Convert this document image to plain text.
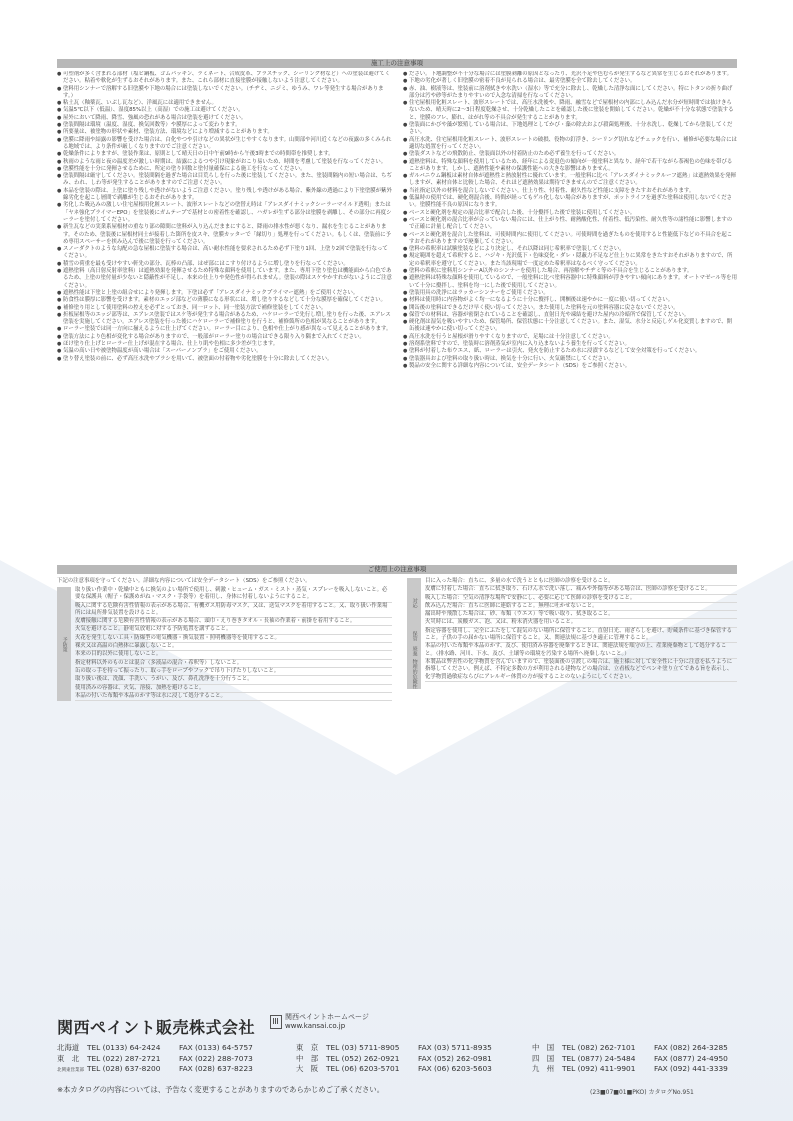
施工上の注意事項

● 可塑剤が多く含まれる部材（塩ビ鋼板、ゴムパッキン、ラミネート、合成皮革、プラスチック、シーリング材など）への塗装は避けてください。粘着や軟化が生ずるおそれがあります。また、これら部材に直接塗膜が接触しないよう注意してください。

● 塗料用シンナーで溶解する旧塗膜や下地の場合には塗装しないでください。（チヂミ、ニジミ、ゆうみ、ワレ等発生する場合があります。）

● 粘土瓦（釉薬瓦、いぶし瓦など）、洋風瓦には適用できません。

● 気温5℃以下（低温）、湿度85%以上（高湿）での施工は避けてください。

● 屋外において降雨、降雪、強風の恐れがある場合は塗装を避けてください。

● 塗装間隔は環境（温度、湿度、換気回数等）や膜厚によって変わります。

● 所要量は、被塗物の形状や素材、塗装方法、環境などにより増減することがあります。

● 塗膜に降雨や結露の影響を受けた場合は、白化やつや引けなどの異状が生じやすくなります。山間部や河川近くなどの夜露の多くみられる地域では、より条件が厳しくなりますのでご注意ください。

● 乾燥条件によりますが、塗装作業は、原則として晴天日の日中午前9時から午後3時までの時間帯を推奨します。

● 秋雨のような雨と夜の温度差が激しい時期は、結露によるつや引け現象がおこり易いため、時間を考慮して塗装を行なってください。

● 塗膜性能を十分に発揮させるために、所定の塗り回数と塗付量確保による施工を行なってください。

● 塗装間隔は厳守してください。塗装間隔を過ぎた場合は目荒らしを行った後に塗装してください。また、塗装間隔内の短い場合は、ちぢみ、われ、しわ等が発生することがありますのでご注意ください。

● 本品を塗装の際は、上塗に塗り残しや透けがないようご注意ください。塗り残しや透けがある場合、紫外線の透過により下塗塗膜が紫外線劣化を起こし層間で剥離が生じるおそれがあります。

● 劣化した吸込みの激しい住宅屋根用化粧スレート、波形スレートなどの塗替え時は「アレスダイナミックシーラーマイルド透明」または「ヤネ強化プライマーEPO」を塗装後にガムテープで基材との密着性を確認し、ハガレが生ずる部分は塗膜を剥離し、その部分に再度シーラーを塗付してください。

● 新生瓦などの実業系屋根材の重なり部の隙間に塗料が入り込んだままにすると、降雨の排水性が悪くなり、漏水を生じることがあります。そのため、塗装後に屋根材同士が接着した箇所を皮スキ、塗膜カッターで「縁切り」処理を行ってください。もしくは、塗装前に予め専用スペーサーを挟み込んで後に塗装を行ってください。

● スノーダクトのような勾配の急な屋根に塗装する場合は、高い耐水性能を要求されるため必ず下塗り1回、上塗り2回で塗装を行なってください。

● 積雪の荷重を最も受けやすい軒先の部分、瓦棒の凸部、はぜ部にはこすり付けるように増し塗りを行なってください。

● 遮熱塗料（高日射反射率塗料）は遮熱効果を発揮させるため特殊な顔料を使用しています。また、専用下塗り塗色は機能面から白色であるため、上塗の塗付量が少ないと隠蔽性が不足し、本来の仕上りや発色性が得られません。塗装の際はスケやかすれがないようにご注意ください。

● 遮熱性能は下塗と上塗の組合せにより発揮します。下塗は必ず「アレスダイナミックプライマー遮熱」をご使用ください。

● 防食性は膜厚に影響を受けます。素材のエッジ部などの薄膜になる形状には、増し塗りするなどして十分な膜厚を確保してください。

● 補修塗り用として使用塗料の控えを必ずとっておき、同一ロット、同一塗装方法で補修塗装をしてください。

● 折板屋根等のエッジ部等は、エアレス塗装ではスケ等が発生する場合があるため、ハケローラーで先行し増し塗りを行った後、エアレス塗装を実施してください。エアレス塗装を行った後にハケローラーで補修塗りを行うと、補修箇所の色相が異なることがあります。

● ローラー塗装では同一方向に揃えるように仕上げてください。ローラー目により、色相や仕上がり感が異なって見えることがあります。

● 塗装方法により色相が変化する場合がありますので、一般部がローラー塗りの場合はできる限り入り隅まで入れてください。

● ほけ塗り仕上げとローラー仕上げが混在する場合、仕上り肌や色相に多少差が生じます。

● 気温の高い日や被塗物温度が高い場合は「スーパーノンプラ」をご使用ください。

● 塗り替え塗装の前に、必ず高圧水洗やブラシを用いて、被塗面の付着物や劣化塗膜を十分に除去してください。

● ださい。下地調整が不十分な場合には塗膜剥離の原因となったり、光沢不足や色むらが発生するなど異常を生じるおそれがあります。

● 下地の劣化が著しく旧塗膜の密着不良が見られる場合は、最劣塗膜を全て除去してください。

● 赤、油、樹液等は、塗装前に溶剤拭きや水洗い（湿水）等で充分に除去し、乾燥した清浄な面にしてください。特にトタンの折り曲げ部分は汚や砂等がたまりやすいので入念な清掃を行なってください。

● 住宅屋根用化粧スレート、波形スレートでは、高圧水洗後や、降雨、融雪などで屋根材の内部にしみ込んだ水分が短時間では抜けきらないため、晴天時に2〜3日程度乾燥させ、十分乾燥したことを確認した後に塗装を開始してください。乾燥が不十分な状態で塗装すると、塗膜のフレ、膨れ、はがれ等の不具合が発生することがあります。

● 塗装面にかびや藻が繁殖している場合は、下地処理としてかび・藻の除去および殺菌処理後、十分水洗し、乾燥してから塗装してください。

● 高圧水洗、住宅屋根用化粧スレート、波形スレートの破損、役物の釘浮き、シーリング切れなどチェックを行い、補修が必要な場合には適切な処置を行ってください。

● 塗装ダストなどの飛散防止、塗装面以外の付着防止のため必ず養生を行ってください。

● 遮熱塗料は、特殊な顔料を使用しているため、経年による変退色の傾向が一般塗料と異なり、経年で若干ながら茶褐色の色味を帯びることがあります。しかし、遮熱性能や素材の保護性能への大きな影響はありません。

● ガルバニウム鋼板は素材自体が遮熱性と熱放射性に優れています。一般塗料に比べ「アレスダイナミックルーフ遮熱」は遮熱効果を発揮しますが、素材自体と比較した場合、それほど遮熱効果は期待できませんのでご注意ください。

● 当社指定以外の材料を混合しないでください。仕上り性、付着性、耐久性など性能に支障をきたすおそれがあります。

● 低温時の使用では、硬化剤混合後、時間が経ってもゲル化しない場合がありますが、ポットライフを過ぎた塗料は使用しないでください。塗膜性能不良の原因になります。

● ベースと硬化剤を規定の混合比率で配合した後、十分攪拌した後で塗装に使用してください。

● ベースと硬化剤の混合比率が合っていない場合には、仕上がり性、耐熱酸化性、付着性、低汚染性、耐久性等の諸性能に影響しますので正確に計量し配合してください。

● ベースと硬化剤を混合した塗料は、可使時間内に使用してください。可使時間を過ぎたものを使用すると性能低下などの不具合を起こすおそれがありますので廃棄してください。

● 塗料の希釈率は試験塗装などにより決定し、それ以降は同じ希釈率で塗装してください。

● 規定範囲を超えて希釈すると、ハジキ・光沢低下・色味変化・ダレ・隠蔽力不足など仕上りに異常をきたすおそれがありますので、所定の希釈率を遵守してください。また当該現場で一度定めた希釈率はなるべく守ってください。

● 塗料の希釈に塗料用シンナーA以外のシンナーを使用した場合、再溶解やチヂミ等の不具合を生じることがあります。

● 遮熱塗料は特殊な顔料を使用しているので、一般塗料に比べ塗料容器中に特殊顔料が浮きやすい傾向にあります。オートマゼール等を用いて十分に攪拌し、塗料を均一にした後で使用してください。

● 塗装用具の洗浄にはラッカーシンナーをご使用ください。

● 材料は使用時に内容物がよく均一になるように十分に攪拌し、開梱後は速やかに一度に使い切ってください。

● 開缶後の塗料はできるだけ早く使い切ってください。また使用した塗料を元の塗料容器に戻さないでください。

● 保管での材料は、容器が密閉されていることを確認し、直射日光や凍結を避けた屋内の冷暗所で保管してください。

● 硬化剤は湿気を吸いやすいため、保管場所、保管状態に十分注意してください。また、湿気、水分と反応しゲル化変質しますので、開缶後は速やかに使い切ってください。

● 高圧水洗を行うと屋根が滑りやすくなりますので、足場には十分注意してください。

● 溶剤系塗料ですので、塗装時に溶剤蒸気が室内に入り込まないよう養生を行ってください。

● 塗料が付着した布ウエス、紙、ローラーは引火、発火を防止するため水に浸漬するなどして安全対策を行ってください。

● 塗装器具および塗料の取り扱い時は、換気を十分に行い、火気厳禁にしてください。

● 製品の安全に関する詳細な内容については、安全データシート（SDS）をご参照ください。

ご使用上の注意事項
下記の注意事項を守ってください。詳細な内容については安全データシート（SDS）をご参照ください。
予防策
取り扱い作業中・乾燥中ともに換気のよい場所で使用し、刺激・ヒューム・ガス・ミスト・蒸気・スプレーを吸入しないこと。必要な保護具（帽子・保護めがね・マスク・手袋等）を着用し、身体に付着しないようにすること。
吸入に関する危険有害性情報の表示がある場合、有機ガス用防毒マスク、又は、送気マスクを着用すること。又、取り扱い作業場所には局所排気装置を設けること。
皮膚接触に関する危険有害性情報の表示がある場合、頭巾・えり巻きタオル・長袖の作業着・前掛を着用すること。
火気を避けること。静電気放電に対する予防処置を講ずること。
火花を発生しない工具・防爆型の電気機器・換気装置・照明機器等を使用すること。
裸火又は高温の白熱体に暴露しないこと。
本来の目的以外に使用しないこと。
指定材料以外のものとは混合（多液品の混合・希釈等）しないこと。
缶の取っ手を持って振ったり、取っ手をロープやフックで吊り下げたりしないこと。
取り扱い後は、洗顔、手洗い、うがい、及び、鼻孔洗浄を十分行うこと。
使用済みの容器は、火気、溶接、加熱を避けること。
本品の付いた布類や本品のかす等は水に浸して処分すること。
対応
目に入った場合：直ちに、多量の水で洗うとともに医師の診察を受けること。
皮膚に付着した場合：直ちに拭き取り、石けん水で洗い落し、痛みや外傷等がある場合は、医師の診察を受けること。
吸入した場合：空気の清浄な場所で安静にし、必要に応じて医師の診察を受けること。
飲み込んだ場合：直ちに医師に連絡すること。無理に吐かせないこと。
漏出時や飛散した場合は、砂、布類（ウエス）等で吸い取り、拭き取ること。
火災時には、炭酸ガス、泡、又は、粉末消火器を用いること。
保管	指定容器を使用し、完全にふたをして混気のない場所に保管すること。直射日光、雨ざらしを避け、貯蔵条件に基づき保管すること。子供の手の届かない場所に保管すること。又、関連法規に基づき適正に管理すること。
廃棄	本品の付いた布類や本品のかす、及び、使用済み容器を廃棄するときは、関連法規を順守の上、産業廃棄物として処分すること。（排水路、河川、下水、及び、土壌等の環境を汚染する場所へ廃棄しないこと。）
物理的危険性	本製品は弊害性の化学物質を含んでいますので、塗装面後の引渡しの場合は、施主様に対して安全性に十分に注意を払うように指導してください。例えば、不特定多数の方が利用される建物などの場合は、立看板などでペンキ塗り立てである旨を表示し、化学物質過敏症ならびにアレルギー体質の方が接することのないようにしてください。
関西ペイント販売株式会社
関西ペイントホームページ
www.kansai.co.jp
北海道 TEL (0133) 64-2424	FAX (0133) 64-5757
東　北 TEL (022) 287-2721	FAX (022) 288-7073
北関東営業部 TEL (028) 637-8200	FAX (028) 637-8223
東　京 TEL (03) 5711-8905	FAX (03) 5711-8935
中　部 TEL (052) 262-0921	FAX (052) 262-0981
大　阪 TEL (06) 6203-5701	FAX (06) 6203-5603
中　国 TEL (082) 262-7101	FAX (082) 264-3285
四　国 TEL (0877) 24-5484	FAX (0877) 24-4950
九　州 TEL (092) 411-9901	FAX (092) 441-3339
※本カタログの内容については、予告なく変更することがありますのであらかじめご了承ください。	(23■07■01■PKO) カタログNo.951
